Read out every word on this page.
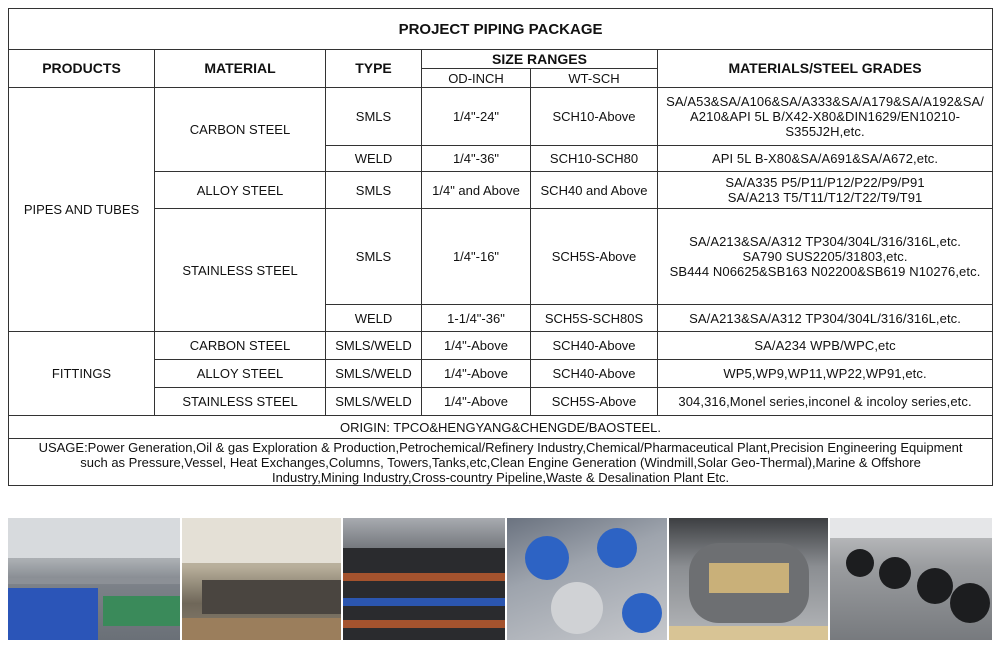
PROJECT PIPING PACKAGE					
PRODUCTS	MATERIAL	TYPE	SIZE RANGES		MATERIALS/STEEL GRADES
			OD-INCH	WT-SCH	
PIPES AND TUBES	CARBON STEEL	SMLS	1/4"-24"	SCH10-Above	SA/A53&SA/A106&SA/A333&SA/A179&SA/A192&SA/
A210&API 5L B/X42-X80&DIN1629/EN10210-
S355J2H,etc.

		WELD	1/4"-36"	SCH10-SCH80	API 5L B-X80&SA/A691&SA/A672,etc.

	ALLOY STEEL	SMLS	1/4" and Above	SCH40 and Above	SA/A335 P5/P11/P12/P22/P9/P91
SA/A213 T5/T11/T12/T22/T9/T91

	STAINLESS STEEL	SMLS	1/4"-16"	SCH5S-Above	SA/A213&SA/A312 TP304/304L/316/316L,etc.
SA790 SUS2205/31803,etc.
SB444 N06625&SB163 N02200&SB619 N10276,etc.

		WELD	1-1/4"-36"	SCH5S-SCH80S	SA/A213&SA/A312 TP304/304L/316/316L,etc.

FITTINGS	CARBON STEEL	SMLS/WELD	1/4"-Above	SCH40-Above	SA/A234 WPB/WPC,etc
	ALLOY STEEL	SMLS/WELD	1/4"-Above	SCH40-Above	WP5,WP9,WP11,WP22,WP91,etc.
	STAINLESS STEEL	SMLS/WELD	1/4"-Above	SCH5S-Above	304,316,Monel series,inconel & incoloy series,etc.
ORIGIN: TPCO&HENGYANG&CHENGDE/BAOSTEEL.					

USAGE:Power Generation,Oil & gas Exploration & Production,Petrochemical/Refinery Industry,Chemical/Pharmaceutical Plant,Precision Engineering Equipment
such as Pressure,Vessel, Heat Exchanges,Columns, Towers,Tanks,etc,Clean Engine Generation (Windmill,Solar Geo-Thermal),Marine & Offshore
Industry,Mining Industry,Cross-country Pipeline,Waste & Desalination Plant Etc.					
